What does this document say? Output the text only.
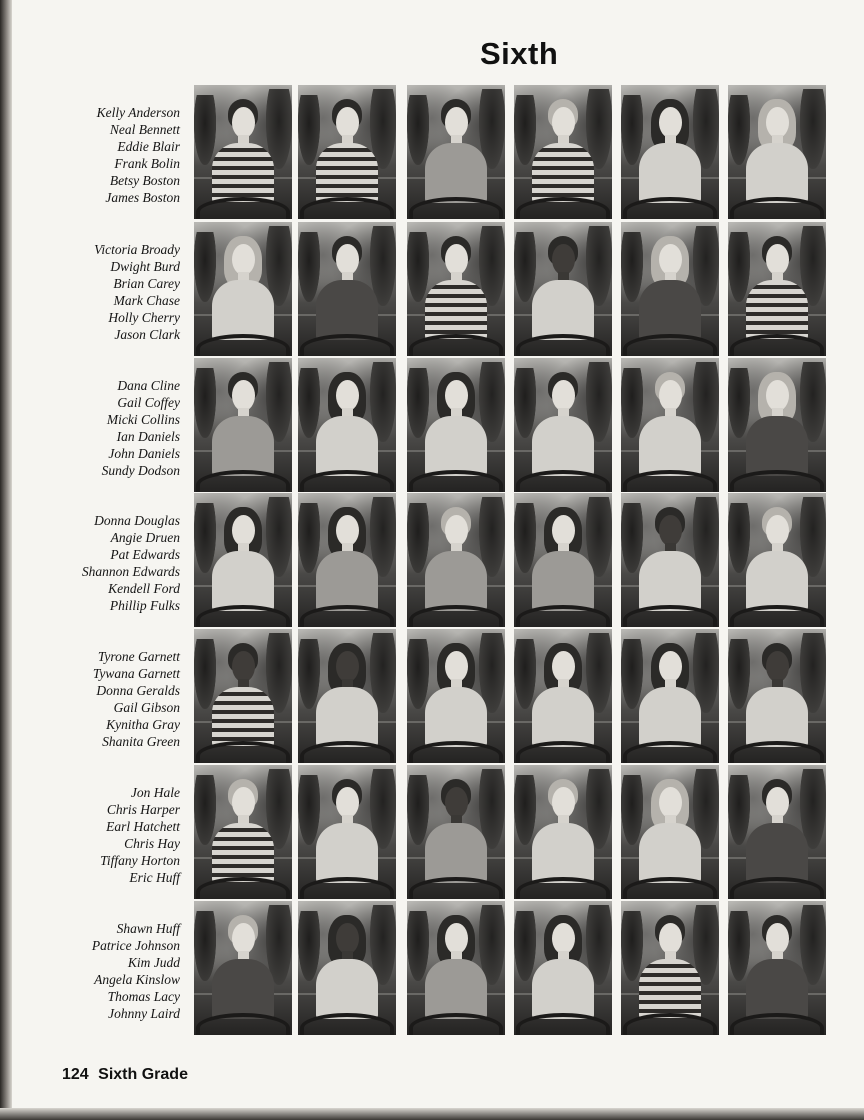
Sixth
Kelly Anderson
Neal Bennett
Eddie Blair
Frank Bolin
Betsy Boston
James Boston
Victoria Broady
Dwight Burd
Brian Carey
Mark Chase
Holly Cherry
Jason Clark
Dana Cline
Gail Coffey
Micki Collins
Ian Daniels
John Daniels
Sundy Dodson
Donna Douglas
Angie Druen
Pat Edwards
Shannon Edwards
Kendell Ford
Phillip Fulks
Tyrone Garnett
Tywana Garnett
Donna Geralds
Gail Gibson
Kynitha Gray
Shanita Green
Jon Hale
Chris Harper
Earl Hatchett
Chris Hay
Tiffany Horton
Eric Huff
Shawn Huff
Patrice Johnson
Kim Judd
Angela Kinslow
Thomas Lacy
Johnny Laird
124 Sixth Grade
